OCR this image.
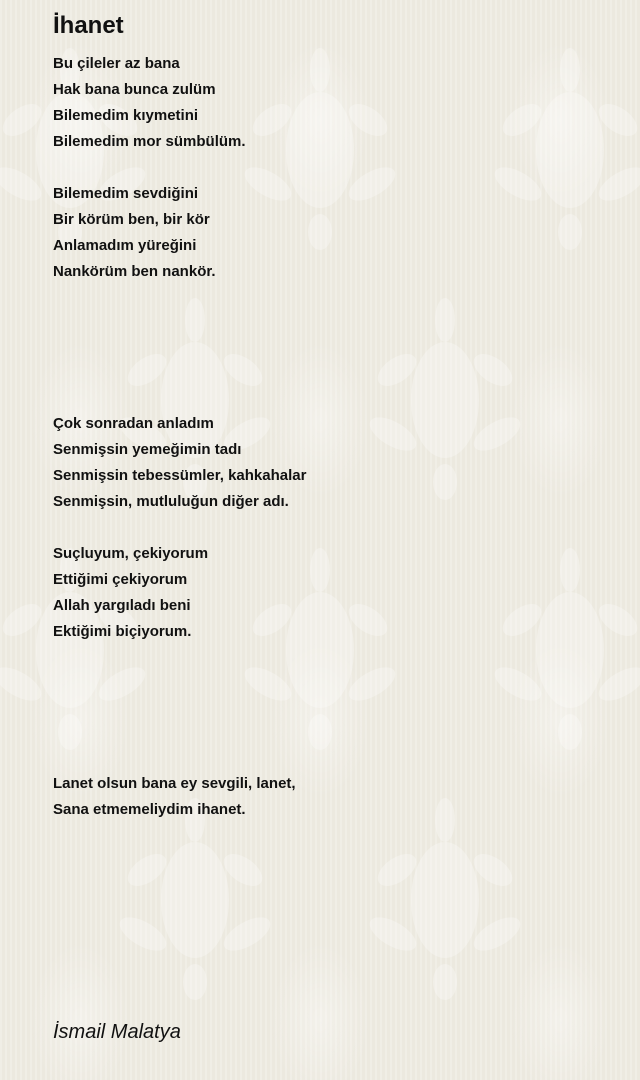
İhanet
Bu çileler az bana
Hak bana bunca zulüm
Bilemedim kıymetini
Bilemedim mor sümbülüm.
Bilemedim sevdiğini
Bir körüm ben, bir kör
Anlamadım yüreğini
Nankörüm ben nankör.
Çok sonradan anladım
Senmişsin yemeğimin tadı
Senmişsin tebessümler, kahkahalar
Senmişsin, mutluluğun diğer adı.
Suçluyum, çekiyorum
Ettiğimi çekiyorum
Allah yargıladı beni
Ektiğimi biçiyorum.
Lanet olsun bana ey sevgili, lanet,
Sana etmemeliydim ihanet.
İsmail Malatya
